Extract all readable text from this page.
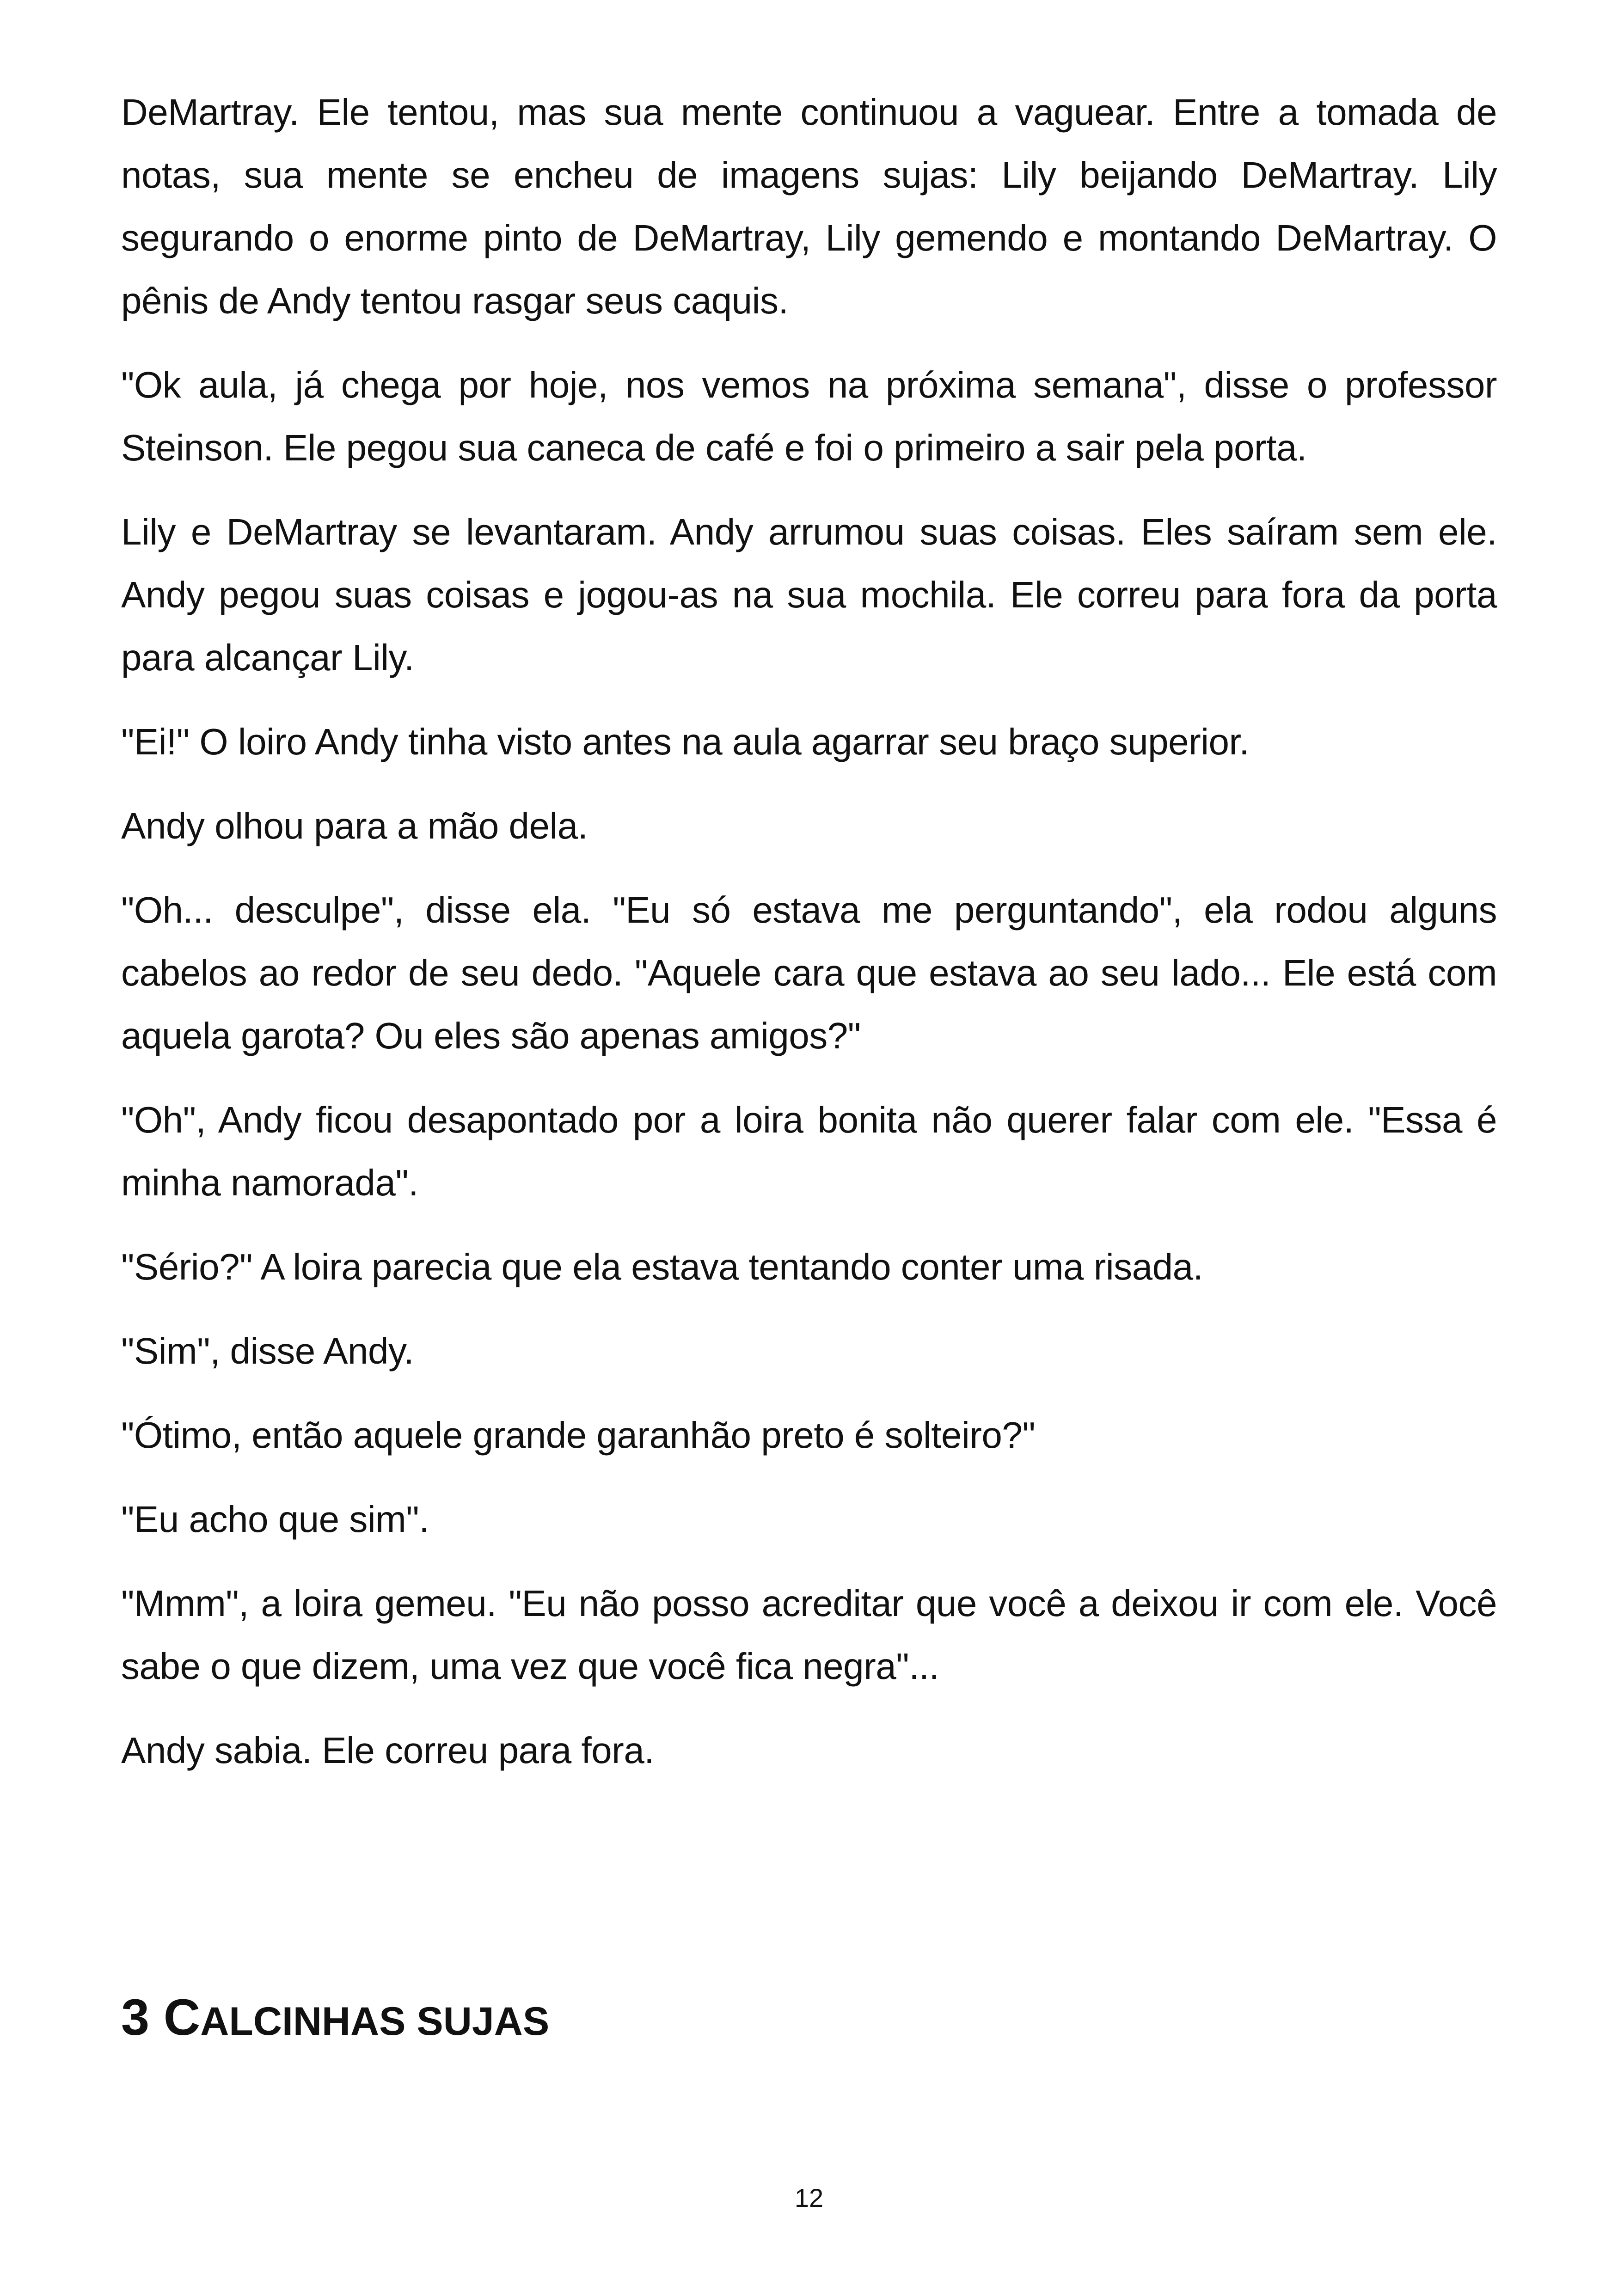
DeMartray. Ele tentou, mas sua mente continuou a vaguear. Entre a tomada de notas, sua mente se encheu de imagens sujas: Lily beijando DeMartray. Lily segurando o enorme pinto de DeMartray, Lily gemendo e montando DeMartray. O pênis de Andy tentou rasgar seus caquis.

"Ok aula, já chega por hoje, nos vemos na próxima semana", disse o professor Steinson. Ele pegou sua caneca de café e foi o primeiro a sair pela porta.

Lily e DeMartray se levantaram. Andy arrumou suas coisas. Eles saíram sem ele. Andy pegou suas coisas e jogou-as na sua mochila. Ele correu para fora da porta para alcançar Lily.

"Ei!" O loiro Andy tinha visto antes na aula agarrar seu braço superior.

Andy olhou para a mão dela.

"Oh... desculpe", disse ela. "Eu só estava me perguntando", ela rodou alguns cabelos ao redor de seu dedo. "Aquele cara que estava ao seu lado... Ele está com aquela garota? Ou eles são apenas amigos?"

"Oh", Andy ficou desapontado por a loira bonita não querer falar com ele. "Essa é minha namorada".

"Sério?" A loira parecia que ela estava tentando conter uma risada.

"Sim", disse Andy.

"Ótimo, então aquele grande garanhão preto é solteiro?"

"Eu acho que sim".

"Mmm", a loira gemeu. "Eu não posso acreditar que você a deixou ir com ele. Você sabe o que dizem, uma vez que você fica negra"...

Andy sabia. Ele correu para fora.

3 CALCINHAS SUJAS
12
